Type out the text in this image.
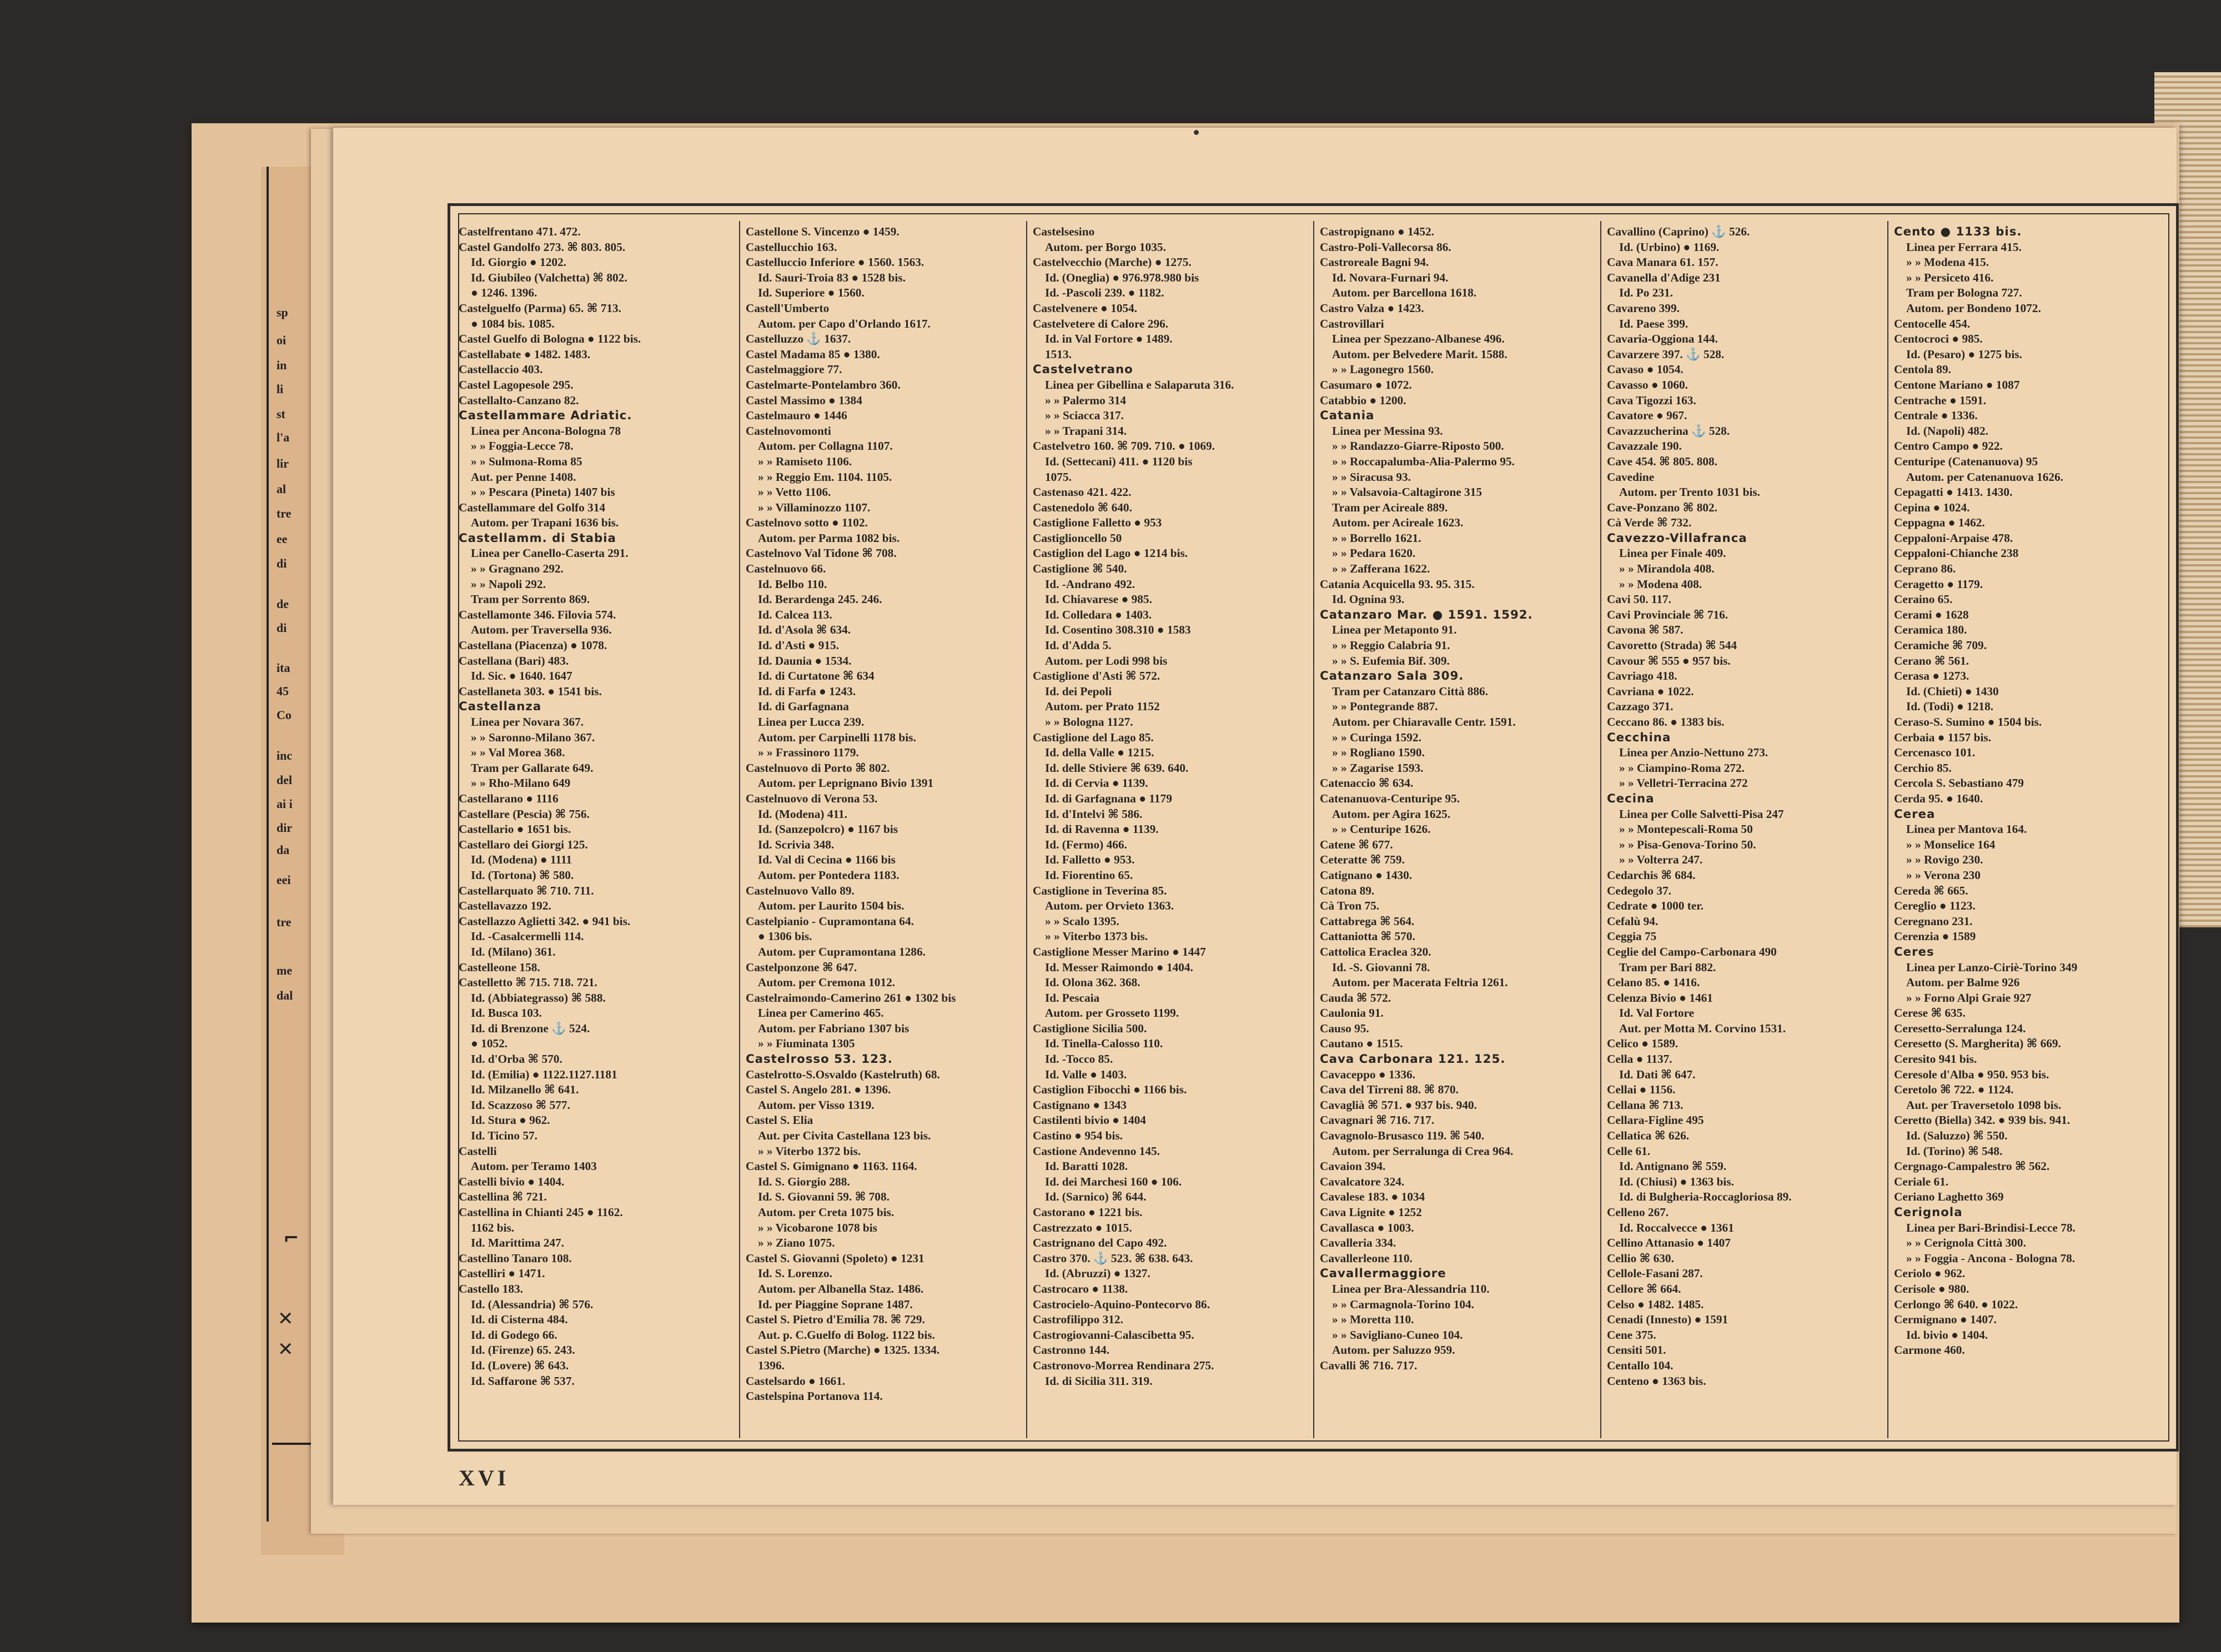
sp
oi
in
li
st
l'a
lir
al
tre
ee
di
de
di
ita
45
Co
inc
del
ai i
dir
da
eei
tre
me
dal
✕
✕
⌐
Castelfrentano 471. 472.
Castel Gandolfo 273. ⌘ 803. 805.
Id. Giorgio ● 1202.
Id. Giubileo (Valchetta) ⌘ 802.
● 1246. 1396.
Castelguelfo (Parma) 65. ⌘ 713.
● 1084 bis. 1085.
Castel Guelfo di Bologna ● 1122 bis.
Castellabate ● 1482. 1483.
Castellaccio 403.
Castel Lagopesole 295.
Castellalto-Canzano 82.
Castellammare Adriatic.
Linea per Ancona-Bologna 78
» » Foggia-Lecce 78.
» » Sulmona-Roma 85
Aut. per Penne 1408.
» » Pescara (Pineta) 1407 bis
Castellammare del Golfo 314
Autom. per Trapani 1636 bis.
Castellamm. di Stabia
Linea per Canello-Caserta 291.
» » Gragnano 292.
» » Napoli 292.
Tram per Sorrento 869.
Castellamonte 346. Filovia 574.
Autom. per Traversella 936.
Castellana (Piacenza) ● 1078.
Castellana (Bari) 483.
Id. Sic. ● 1640. 1647
Castellaneta 303. ● 1541 bis.
Castellanza
Linea per Novara 367.
» » Saronno-Milano 367.
» » Val Morea 368.
Tram per Gallarate 649.
» » Rho-Milano 649
Castellarano ● 1116
Castellare (Pescia) ⌘ 756.
Castellario ● 1651 bis.
Castellaro dei Giorgi 125.
Id. (Modena) ● 1111
Id. (Tortona) ⌘ 580.
Castellarquato ⌘ 710. 711.
Castellavazzo 192.
Castellazzo Aglietti 342. ● 941 bis.
Id. -Casalcermelli 114.
Id. (Milano) 361.
Castelleone 158.
Castelletto ⌘ 715. 718. 721.
Id. (Abbiategrasso) ⌘ 588.
Id. Busca 103.
Id. di Brenzone ⚓ 524.
● 1052.
Id. d'Orba ⌘ 570.
Id. (Emilia) ● 1122.1127.1181
Id. Milzanello ⌘ 641.
Id. Scazzoso ⌘ 577.
Id. Stura ● 962.
Id. Ticino 57.
Castelli
Autom. per Teramo 1403
Castelli bivio ● 1404.
Castellina ⌘ 721.
Castellina in Chianti 245 ● 1162.
1162 bis.
Id. Marittima 247.
Castellino Tanaro 108.
Castelliri ● 1471.
Castello 183.
Id. (Alessandria) ⌘ 576.
Id. di Cisterna 484.
Id. di Godego 66.
Id. (Firenze) 65. 243.
Id. (Lovere) ⌘ 643.
Id. Saffarone ⌘ 537.
Castellone S. Vincenzo ● 1459.
Castellucchio 163.
Castelluccio Inferiore ● 1560. 1563.
Id. Sauri-Troia 83 ● 1528 bis.
Id. Superiore ● 1560.
Castell'Umberto
Autom. per Capo d'Orlando 1617.
Castelluzzo ⚓ 1637.
Castel Madama 85 ● 1380.
Castelmaggiore 77.
Castelmarte-Pontelambro 360.
Castel Massimo ● 1384
Castelmauro ● 1446
Castelnovomonti
Autom. per Collagna 1107.
» » Ramiseto 1106.
» » Reggio Em. 1104. 1105.
» » Vetto 1106.
» » Villaminozzo 1107.
Castelnovo sotto ● 1102.
Autom. per Parma 1082 bis.
Castelnovo Val Tidone ⌘ 708.
Castelnuovo 66.
Id. Belbo 110.
Id. Berardenga 245. 246.
Id. Calcea 113.
Id. d'Asola ⌘ 634.
Id. d'Asti ● 915.
Id. Daunia ● 1534.
Id. di Curtatone ⌘ 634
Id. di Farfa ● 1243.
Id. di Garfagnana
Linea per Lucca 239.
Autom. per Carpinelli 1178 bis.
» » Frassinoro 1179.
Castelnuovo di Porto ⌘ 802.
Autom. per Leprignano Bivio 1391
Castelnuovo di Verona 53.
Id. (Modena) 411.
Id. (Sanzepolcro) ● 1167 bis
Id. Scrivia 348.
Id. Val di Cecina ● 1166 bis
Autom. per Pontedera 1183.
Castelnuovo Vallo 89.
Autom. per Laurito 1504 bis.
Castelpianio - Cupramontana 64.
● 1306 bis.
Autom. per Cupramontana 1286.
Castelponzone ⌘ 647.
Autom. per Cremona 1012.
Castelraimondo-Camerino 261 ● 1302 bis
Linea per Camerino 465.
Autom. per Fabriano 1307 bis
» » Fiuminata 1305
Castelrosso 53. 123.
Castelrotto-S.Osvaldo (Kastelruth) 68.
Castel S. Angelo 281. ● 1396.
Autom. per Visso 1319.
Castel S. Elia
Aut. per Civita Castellana 123 bis.
» » Viterbo 1372 bis.
Castel S. Gimignano ● 1163. 1164.
Id. S. Giorgio 288.
Id. S. Giovanni 59. ⌘ 708.
Autom. per Creta 1075 bis.
» » Vicobarone 1078 bis
» » Ziano 1075.
Castel S. Giovanni (Spoleto) ● 1231
Id. S. Lorenzo.
Autom. per Albanella Staz. 1486.
Id. per Piaggine Soprane 1487.
Castel S. Pietro d'Emilia 78. ⌘ 729.
Aut. p. C.Guelfo di Bolog. 1122 bis.
Castel S.Pietro (Marche) ● 1325. 1334.
1396.
Castelsardo ● 1661.
Castelspina Portanova 114.
Castelsesino
Autom. per Borgo 1035.
Castelvecchio (Marche) ● 1275.
Id. (Oneglia) ● 976.978.980 bis
Id. -Pascoli 239. ● 1182.
Castelvenere ● 1054.
Castelvetere di Calore 296.
Id. in Val Fortore ● 1489.
1513.
Castelvetrano
Linea per Gibellina e Salaparuta 316.
» » Palermo 314
» » Sciacca 317.
» » Trapani 314.
Castelvetro 160. ⌘ 709. 710. ● 1069.
Id. (Settecani) 411. ● 1120 bis
1075.
Castenaso 421. 422.
Castenedolo ⌘ 640.
Castiglione Falletto ● 953
Castiglioncello 50
Castiglion del Lago ● 1214 bis.
Castiglione ⌘ 540.
Id. -Andrano 492.
Id. Chiavarese ● 985.
Id. Colledara ● 1403.
Id. Cosentino 308.310 ● 1583
Id. d'Adda 5.
Autom. per Lodi 998 bis
Castiglione d'Asti ⌘ 572.
Id. dei Pepoli
Autom. per Prato 1152
» » Bologna 1127.
Castiglione del Lago 85.
Id. della Valle ● 1215.
Id. delle Stiviere ⌘ 639. 640.
Id. di Cervia ● 1139.
Id. di Garfagnana ● 1179
Id. d'Intelvi ⌘ 586.
Id. di Ravenna ● 1139.
Id. (Fermo) 466.
Id. Falletto ● 953.
Id. Fiorentino 65.
Castiglione in Teverina 85.
Autom. per Orvieto 1363.
» » Scalo 1395.
» » Viterbo 1373 bis.
Castiglione Messer Marino ● 1447
Id. Messer Raimondo ● 1404.
Id. Olona 362. 368.
Id. Pescaia
Autom. per Grosseto 1199.
Castiglione Sicilia 500.
Id. Tinella-Calosso 110.
Id. -Tocco 85.
Id. Valle ● 1403.
Castiglion Fibocchi ● 1166 bis.
Castignano ● 1343
Castilenti bivio ● 1404
Castino ● 954 bis.
Castione Andevenno 145.
Id. Baratti 1028.
Id. dei Marchesi 160 ● 106.
Id. (Sarnico) ⌘ 644.
Castorano ● 1221 bis.
Castrezzato ● 1015.
Castrignano del Capo 492.
Castro 370. ⚓ 523. ⌘ 638. 643.
Id. (Abruzzi) ● 1327.
Castrocaro ● 1138.
Castrocielo-Aquino-Pontecorvo 86.
Castrofilippo 312.
Castrogiovanni-Calascibetta 95.
Castronno 144.
Castronovo-Morrea Rendinara 275.
Id. di Sicilia 311. 319.
Castropignano ● 1452.
Castro-Poli-Vallecorsa 86.
Castroreale Bagni 94.
Id. Novara-Furnari 94.
Autom. per Barcellona 1618.
Castro Valza ● 1423.
Castrovillari
Linea per Spezzano-Albanese 496.
Autom. per Belvedere Marit. 1588.
» » Lagonegro 1560.
Casumaro ● 1072.
Catabbio ● 1200.
Catania
Linea per Messina 93.
» » Randazzo-Giarre-Riposto 500.
» » Roccapalumba-Alia-Palermo 95.
» » Siracusa 93.
» » Valsavoia-Caltagirone 315
Tram per Acireale 889.
Autom. per Acireale 1623.
» » Borrello 1621.
» » Pedara 1620.
» » Zafferana 1622.
Catania Acquicella 93. 95. 315.
Id. Ognina 93.
Catanzaro Mar. ● 1591. 1592.
Linea per Metaponto 91.
» » Reggio Calabria 91.
» » S. Eufemia Bif. 309.
Catanzaro Sala 309.
Tram per Catanzaro Città 886.
» » Pontegrande 887.
Autom. per Chiaravalle Centr. 1591.
» » Curinga 1592.
» » Rogliano 1590.
» » Zagarise 1593.
Catenaccio ⌘ 634.
Catenanuova-Centuripe 95.
Autom. per Agira 1625.
» » Centuripe 1626.
Catene ⌘ 677.
Ceteratte ⌘ 759.
Catignano ● 1430.
Catona 89.
Cà Tron 75.
Cattabrega ⌘ 564.
Cattaniotta ⌘ 570.
Cattolica Eraclea 320.
Id. -S. Giovanni 78.
Autom. per Macerata Feltria 1261.
Cauda ⌘ 572.
Caulonia 91.
Causo 95.
Cautano ● 1515.
Cava Carbonara 121. 125.
Cavaceppo ● 1336.
Cava del Tirreni 88. ⌘ 870.
Cavaglià ⌘ 571. ● 937 bis. 940.
Cavagnari ⌘ 716. 717.
Cavagnolo-Brusasco 119. ⌘ 540.
Autom. per Serralunga di Crea 964.
Cavaion 394.
Cavalcatore 324.
Cavalese 183. ● 1034
Cava Lignite ● 1252
Cavallasca ● 1003.
Cavalleria 334.
Cavallerleone 110.
Cavallermaggiore
Linea per Bra-Alessandria 110.
» » Carmagnola-Torino 104.
» » Moretta 110.
» » Savigliano-Cuneo 104.
Autom. per Saluzzo 959.
Cavalli ⌘ 716. 717.
Cavallino (Caprino) ⚓ 526.
Id. (Urbino) ● 1169.
Cava Manara 61. 157.
Cavanella d'Adige 231
Id. Po 231.
Cavareno 399.
Id. Paese 399.
Cavaria-Oggiona 144.
Cavarzere 397. ⚓ 528.
Cavaso ● 1054.
Cavasso ● 1060.
Cava Tigozzi 163.
Cavatore ● 967.
Cavazzucherina ⚓ 528.
Cavazzale 190.
Cave 454. ⌘ 805. 808.
Cavedine
Autom. per Trento 1031 bis.
Cave-Ponzano ⌘ 802.
Cà Verde ⌘ 732.
Cavezzo-Villafranca
Linea per Finale 409.
» » Mirandola 408.
» » Modena 408.
Cavi 50. 117.
Cavi Provinciale ⌘ 716.
Cavona ⌘ 587.
Cavoretto (Strada) ⌘ 544
Cavour ⌘ 555 ● 957 bis.
Cavriago 418.
Cavriana ● 1022.
Cazzago 371.
Ceccano 86. ● 1383 bis.
Cecchina
Linea per Anzio-Nettuno 273.
» » Ciampino-Roma 272.
» » Velletri-Terracina 272
Cecina
Linea per Colle Salvetti-Pisa 247
» » Montepescali-Roma 50
» » Pisa-Genova-Torino 50.
» » Volterra 247.
Cedarchis ⌘ 684.
Cedegolo 37.
Cedrate ● 1000 ter.
Cefalù 94.
Ceggia 75
Ceglie del Campo-Carbonara 490
Tram per Bari 882.
Celano 85. ● 1416.
Celenza Bivio ● 1461
Id. Val Fortore
Aut. per Motta M. Corvino 1531.
Celico ● 1589.
Cella ● 1137.
Id. Dati ⌘ 647.
Cellai ● 1156.
Cellana ⌘ 713.
Cellara-Figline 495
Cellatica ⌘ 626.
Celle 61.
Id. Antignano ⌘ 559.
Id. (Chiusi) ● 1363 bis.
Id. di Bulgheria-Roccagloriosa 89.
Celleno 267.
Id. Roccalvecce ● 1361
Cellino Attanasio ● 1407
Cellio ⌘ 630.
Cellole-Fasani 287.
Cellore ⌘ 664.
Celso ● 1482. 1485.
Cenadi (Innesto) ● 1591
Cene 375.
Censiti 501.
Centallo 104.
Centeno ● 1363 bis.
Cento ● 1133 bis.
Linea per Ferrara 415.
» » Modena 415.
» » Persiceto 416.
Tram per Bologna 727.
Autom. per Bondeno 1072.
Centocelle 454.
Centocroci ● 985.
Id. (Pesaro) ● 1275 bis.
Centola 89.
Centone Mariano ● 1087
Centrache ● 1591.
Centrale ● 1336.
Id. (Napoli) 482.
Centro Campo ● 922.
Centuripe (Catenanuova) 95
Autom. per Catenanuova 1626.
Cepagatti ● 1413. 1430.
Cepina ● 1024.
Ceppagna ● 1462.
Ceppaloni-Arpaise 478.
Ceppaloni-Chianche 238
Ceprano 86.
Ceragetto ● 1179.
Ceraino 65.
Cerami ● 1628
Ceramica 180.
Ceramiche ⌘ 709.
Cerano ⌘ 561.
Cerasa ● 1273.
Id. (Chieti) ● 1430
Id. (Todi) ● 1218.
Ceraso-S. Sumino ● 1504 bis.
Cerbaia ● 1157 bis.
Cercenasco 101.
Cerchio 85.
Cercola S. Sebastiano 479
Cerda 95. ● 1640.
Cerea
Linea per Mantova 164.
» » Monselice 164
» » Rovigo 230.
» » Verona 230
Cereda ⌘ 665.
Cereglio ● 1123.
Ceregnano 231.
Cerenzia ● 1589
Ceres
Linea per Lanzo-Ciriè-Torino 349
Autom. per Balme 926
» » Forno Alpi Graie 927
Cerese ⌘ 635.
Ceresetto-Serralunga 124.
Ceresetto (S. Margherita) ⌘ 669.
Ceresito 941 bis.
Ceresole d'Alba ● 950. 953 bis.
Ceretolo ⌘ 722. ● 1124.
Aut. per Traversetolo 1098 bis.
Ceretto (Biella) 342. ● 939 bis. 941.
Id. (Saluzzo) ⌘ 550.
Id. (Torino) ⌘ 548.
Cergnago-Campalestro ⌘ 562.
Ceriale 61.
Ceriano Laghetto 369
Cerignola
Linea per Bari-Brindisi-Lecce 78.
» » Cerignola Città 300.
» » Foggia - Ancona - Bologna 78.
Ceriolo ● 962.
Cerisole ● 980.
Cerlongo ⌘ 640. ● 1022.
Cermignano ● 1407.
Id. bivio ● 1404.
Carmone 460.
XVI
